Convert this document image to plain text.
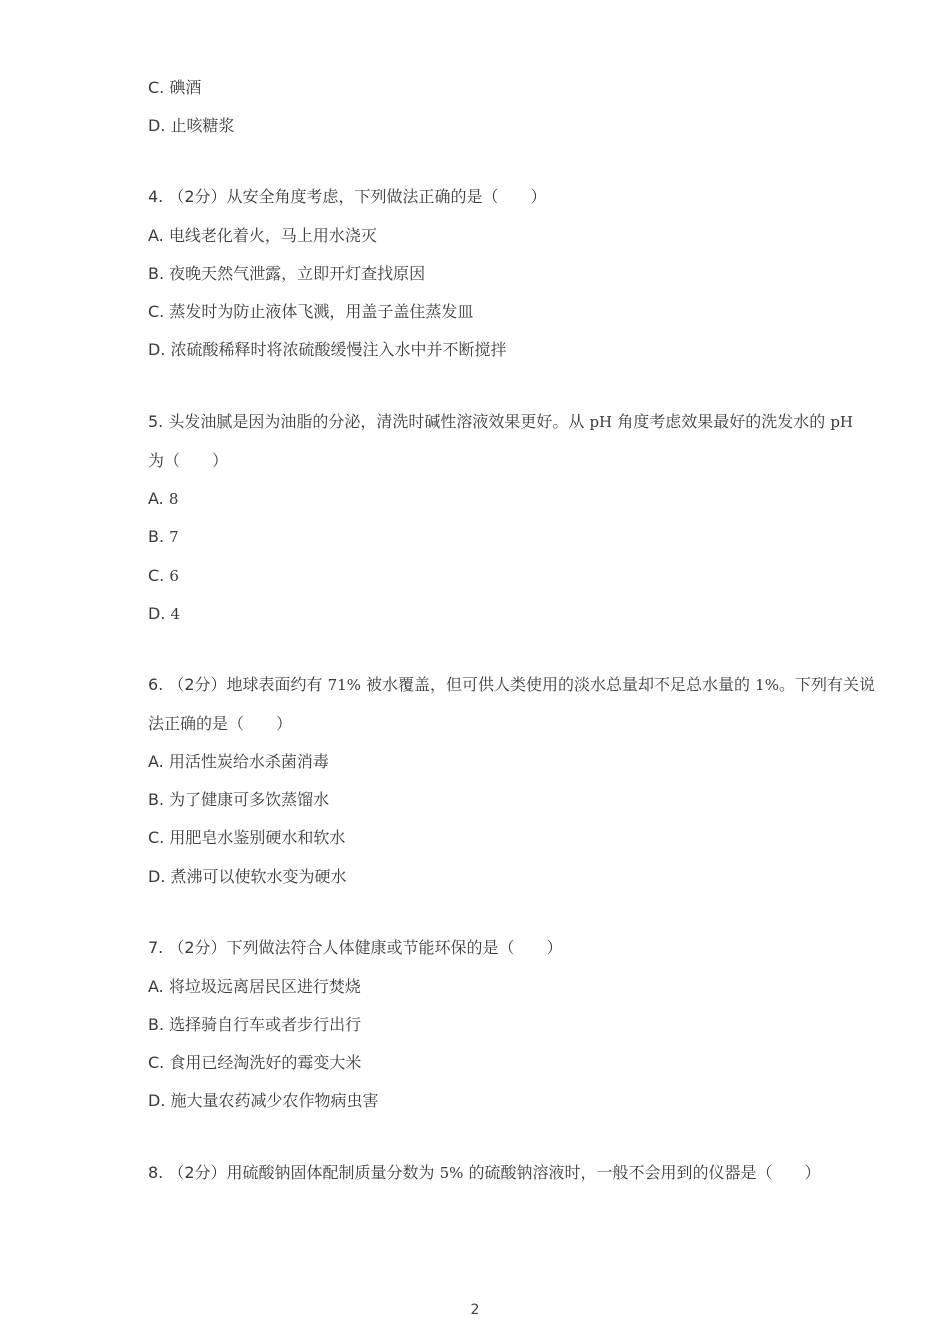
C. 碘酒
D. 止咳糖浆
4. （2分）从安全角度考虑，下列做法正确的是（　　）
A. 电线老化着火，马上用水浇灭
B. 夜晚天然气泄露，立即开灯查找原因
C. 蒸发时为防止液体飞溅，用盖子盖住蒸发皿
D. 浓硫酸稀释时将浓硫酸缓慢注入水中并不断搅拌
5. 头发油腻是因为油脂的分泌，清洗时碱性溶液效果更好。从 pH 角度考虑效果最好的洗发水的 pH
为（　　）
A. 8
B. 7
C. 6
D. 4
6. （2分）地球表面约有 71% 被水覆盖，但可供人类使用的淡水总量却不足总水量的 1%。下列有关说
法正确的是（　　）
A. 用活性炭给水杀菌消毒
B. 为了健康可多饮蒸馏水
C. 用肥皂水鉴别硬水和软水
D. 煮沸可以使软水变为硬水
7. （2分）下列做法符合人体健康或节能环保的是（　　）
A. 将垃圾远离居民区进行焚烧
B. 选择骑自行车或者步行出行
C. 食用已经淘洗好的霉变大米
D. 施大量农药减少农作物病虫害
8. （2分）用硫酸钠固体配制质量分数为 5% 的硫酸钠溶液时，一般不会用到的仪器是（　　）
2
